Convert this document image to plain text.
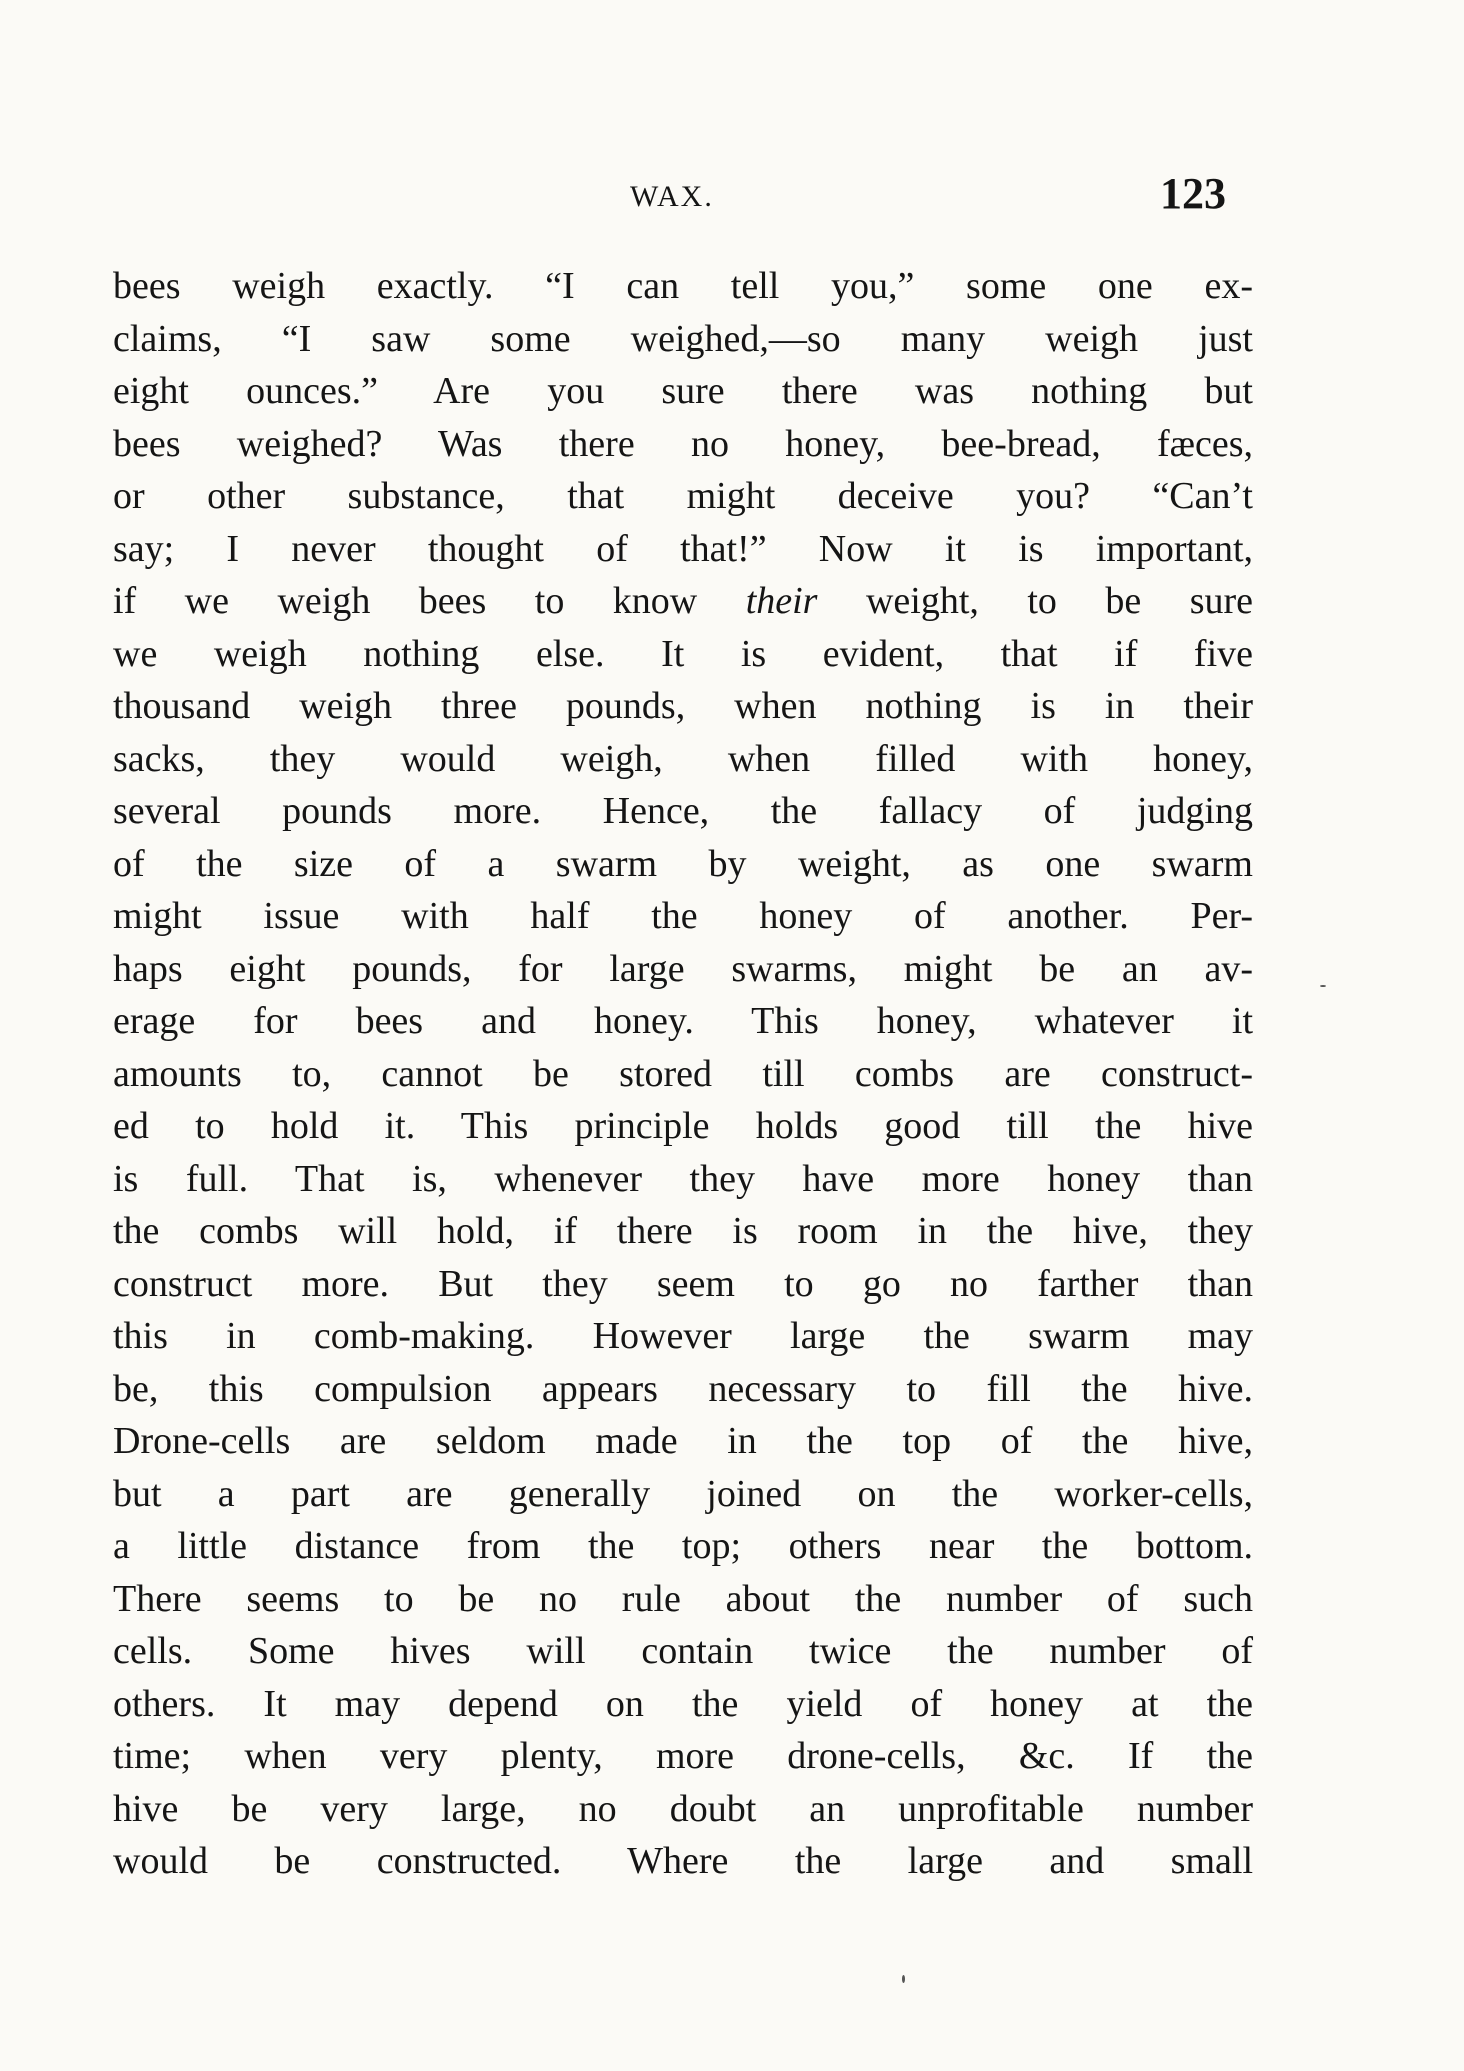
WAX.	123
bees weigh exactly. “I can tell you,” some one ex-
claims, “I saw some weighed,—so many weigh just
eight ounces.” Are you sure there was nothing but
bees weighed? Was there no honey, bee-bread, fæces,
or other substance, that might deceive you? “Can’t
say; I never thought of that!” Now it is important,
if we weigh bees to know their weight, to be sure
we weigh nothing else. It is evident, that if five
thousand weigh three pounds, when nothing is in their
sacks, they would weigh, when filled with honey,
several pounds more. Hence, the fallacy of judging
of the size of a swarm by weight, as one swarm
might issue with half the honey of another. Per-
haps eight pounds, for large swarms, might be an av-
erage for bees and honey. This honey, whatever it
amounts to, cannot be stored till combs are construct-
ed to hold it. This principle holds good till the hive
is full. That is, whenever they have more honey than
the combs will hold, if there is room in the hive, they
construct more. But they seem to go no farther than
this in comb-making. However large the swarm may
be, this compulsion appears necessary to fill the hive.
Drone-cells are seldom made in the top of the hive,
but a part are generally joined on the worker-cells,
a little distance from the top; others near the bottom.
There seems to be no rule about the number of such
cells. Some hives will contain twice the number of
others. It may depend on the yield of honey at the
time; when very plenty, more drone-cells, &c. If the
hive be very large, no doubt an unprofitable number
would be constructed. Where the large and small
